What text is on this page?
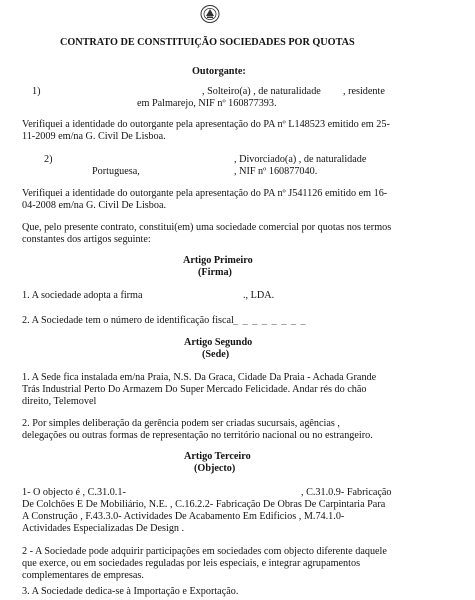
CONTRATO DE CONSTITUIÇÃO SOCIEDADES POR QUOTAS
Outorgante:
1)	, Solteiro(a) , de naturalidade , residente
em Palmarejo, NIF nº 160877393.
Verifiquei a identidade do outorgante pela apresentação do PA nº L148523 emitido em 25-
11-2009 em/na G. Civil De Lisboa.
2)	, Divorciado(a) , de naturalidade
Portuguesa,	, NIF nº 160877040.
Verifiquei a identidade do outorgante pela apresentação do PA nº J541126 emitido em 16-
04-2008 em/na G. Civil De Lisboa.
Que, pelo presente contrato, constitui(em) uma sociedade comercial por quotas nos termos
constantes dos artigos seguinte:
Artigo Primeiro
(Firma)
1. A sociedade adopta a firma	., LDA.
2. A Sociedade tem o número de identificação fiscal _ _ _ _ _ _ _ _
Artigo Segundo
(Sede)
1. A Sede fica instalada em/na Praia, N.S. Da Graca, Cidade Da Praia - Achada Grande
Trás Industrial Perto Do Armazem Do Super Mercado Felicidade. Andar rés do chão
direito, Telemovel
2. Por simples deliberação da gerência podem ser criadas sucursais, agências ,
delegações ou outras formas de representação no território nacional ou no estrangeiro.
Artigo Terceiro
(Objecto)
1- O objecto é , C.31.0.1-	, C.31.0.9- Fabricação
De Colchões E De Mobiliário, N.E. , C.16.2.2- Fabricação De Obras De Carpintaria Para
A Construção , F.43.3.0- Actividades De Acabamento Em Edificios , M.74.1.0-
Actividades Especializadas De Design .
2 - A Sociedade pode adquirir participações em sociedades com objecto diferente daquele
que exerce, ou em sociedades reguladas por leis especiais, e integrar agrupamentos
complementares de empresas.
3. A Sociedade dedica-se à Importação e Exportação.
